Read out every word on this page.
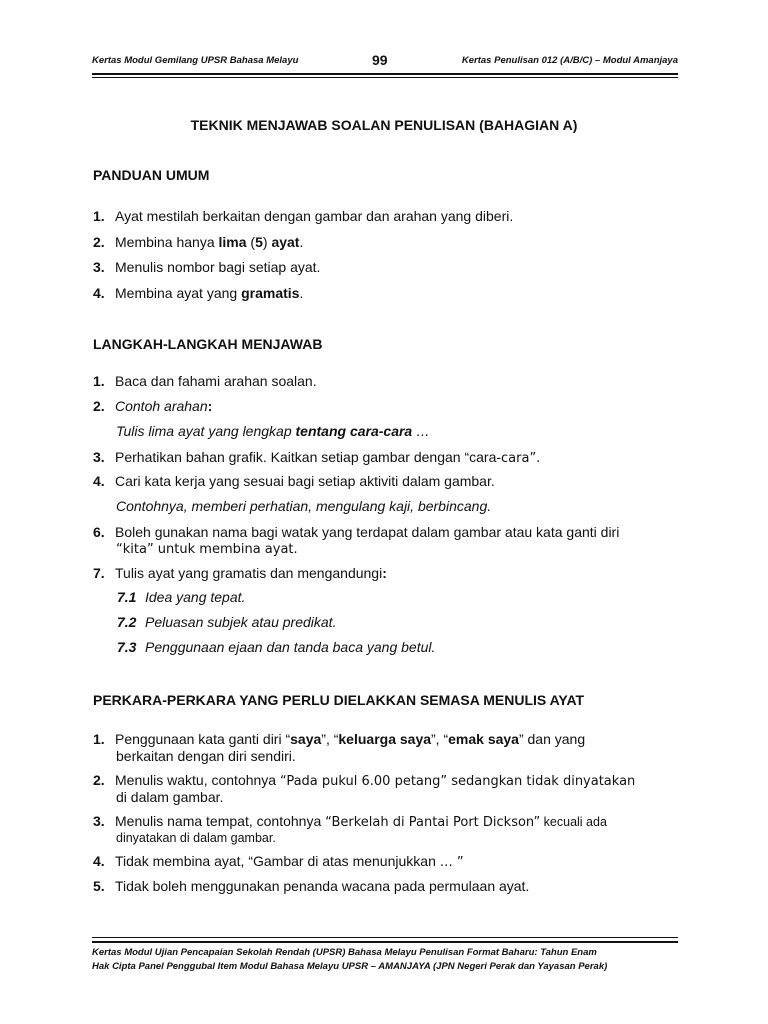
Kertas Modul Gemilang UPSR Bahasa Melayu	99	Kertas Penulisan 012 (A/B/C) – Modul Amanjaya
TEKNIK MENJAWAB SOALAN PENULISAN (BAHAGIAN A)
PANDUAN UMUM
1. Ayat mestilah berkaitan dengan gambar dan arahan yang diberi.
2. Membina hanya lima (5) ayat.
3. Menulis nombor bagi setiap ayat.
4. Membina ayat yang gramatis.
LANGKAH-LANGKAH MENJAWAB
1. Baca dan fahami arahan soalan.
2. Contoh arahan:
Tulis lima ayat yang lengkap tentang cara-cara …
3. Perhatikan bahan grafik. Kaitkan setiap gambar dengan “cara-cara”.
4. Cari kata kerja yang sesuai bagi setiap aktiviti dalam gambar.
Contohnya, memberi perhatian, mengulang kaji, berbincang.
6. Boleh gunakan nama bagi watak yang terdapat dalam gambar atau kata ganti diri
“kita” untuk membina ayat.
7. Tulis ayat yang gramatis dan mengandungi:
7.1 Idea yang tepat.
7.2 Peluasan subjek atau predikat.
7.3 Penggunaan ejaan dan tanda baca yang betul.
PERKARA-PERKARA YANG PERLU DIELAKKAN SEMASA MENULIS AYAT
1. Penggunaan kata ganti diri “saya”, “keluarga saya”, “emak saya” dan yang
berkaitan dengan diri sendiri.
2. Menulis waktu, contohnya “Pada pukul 6.00 petang” sedangkan tidak dinyatakan
di dalam gambar.
3. Menulis nama tempat, contohnya “Berkelah di Pantai Port Dickson” kecuali ada
dinyatakan di dalam gambar.
4. Tidak membina ayat, “Gambar di atas menunjukkan … ”
5. Tidak boleh menggunakan penanda wacana pada permulaan ayat.
Kertas Modul Ujian Pencapaian Sekolah Rendah (UPSR) Bahasa Melayu Penulisan Format Baharu: Tahun Enam
Hak Cipta Panel Penggubal Item Modul Bahasa Melayu UPSR – AMANJAYA (JPN Negeri Perak dan Yayasan Perak)
